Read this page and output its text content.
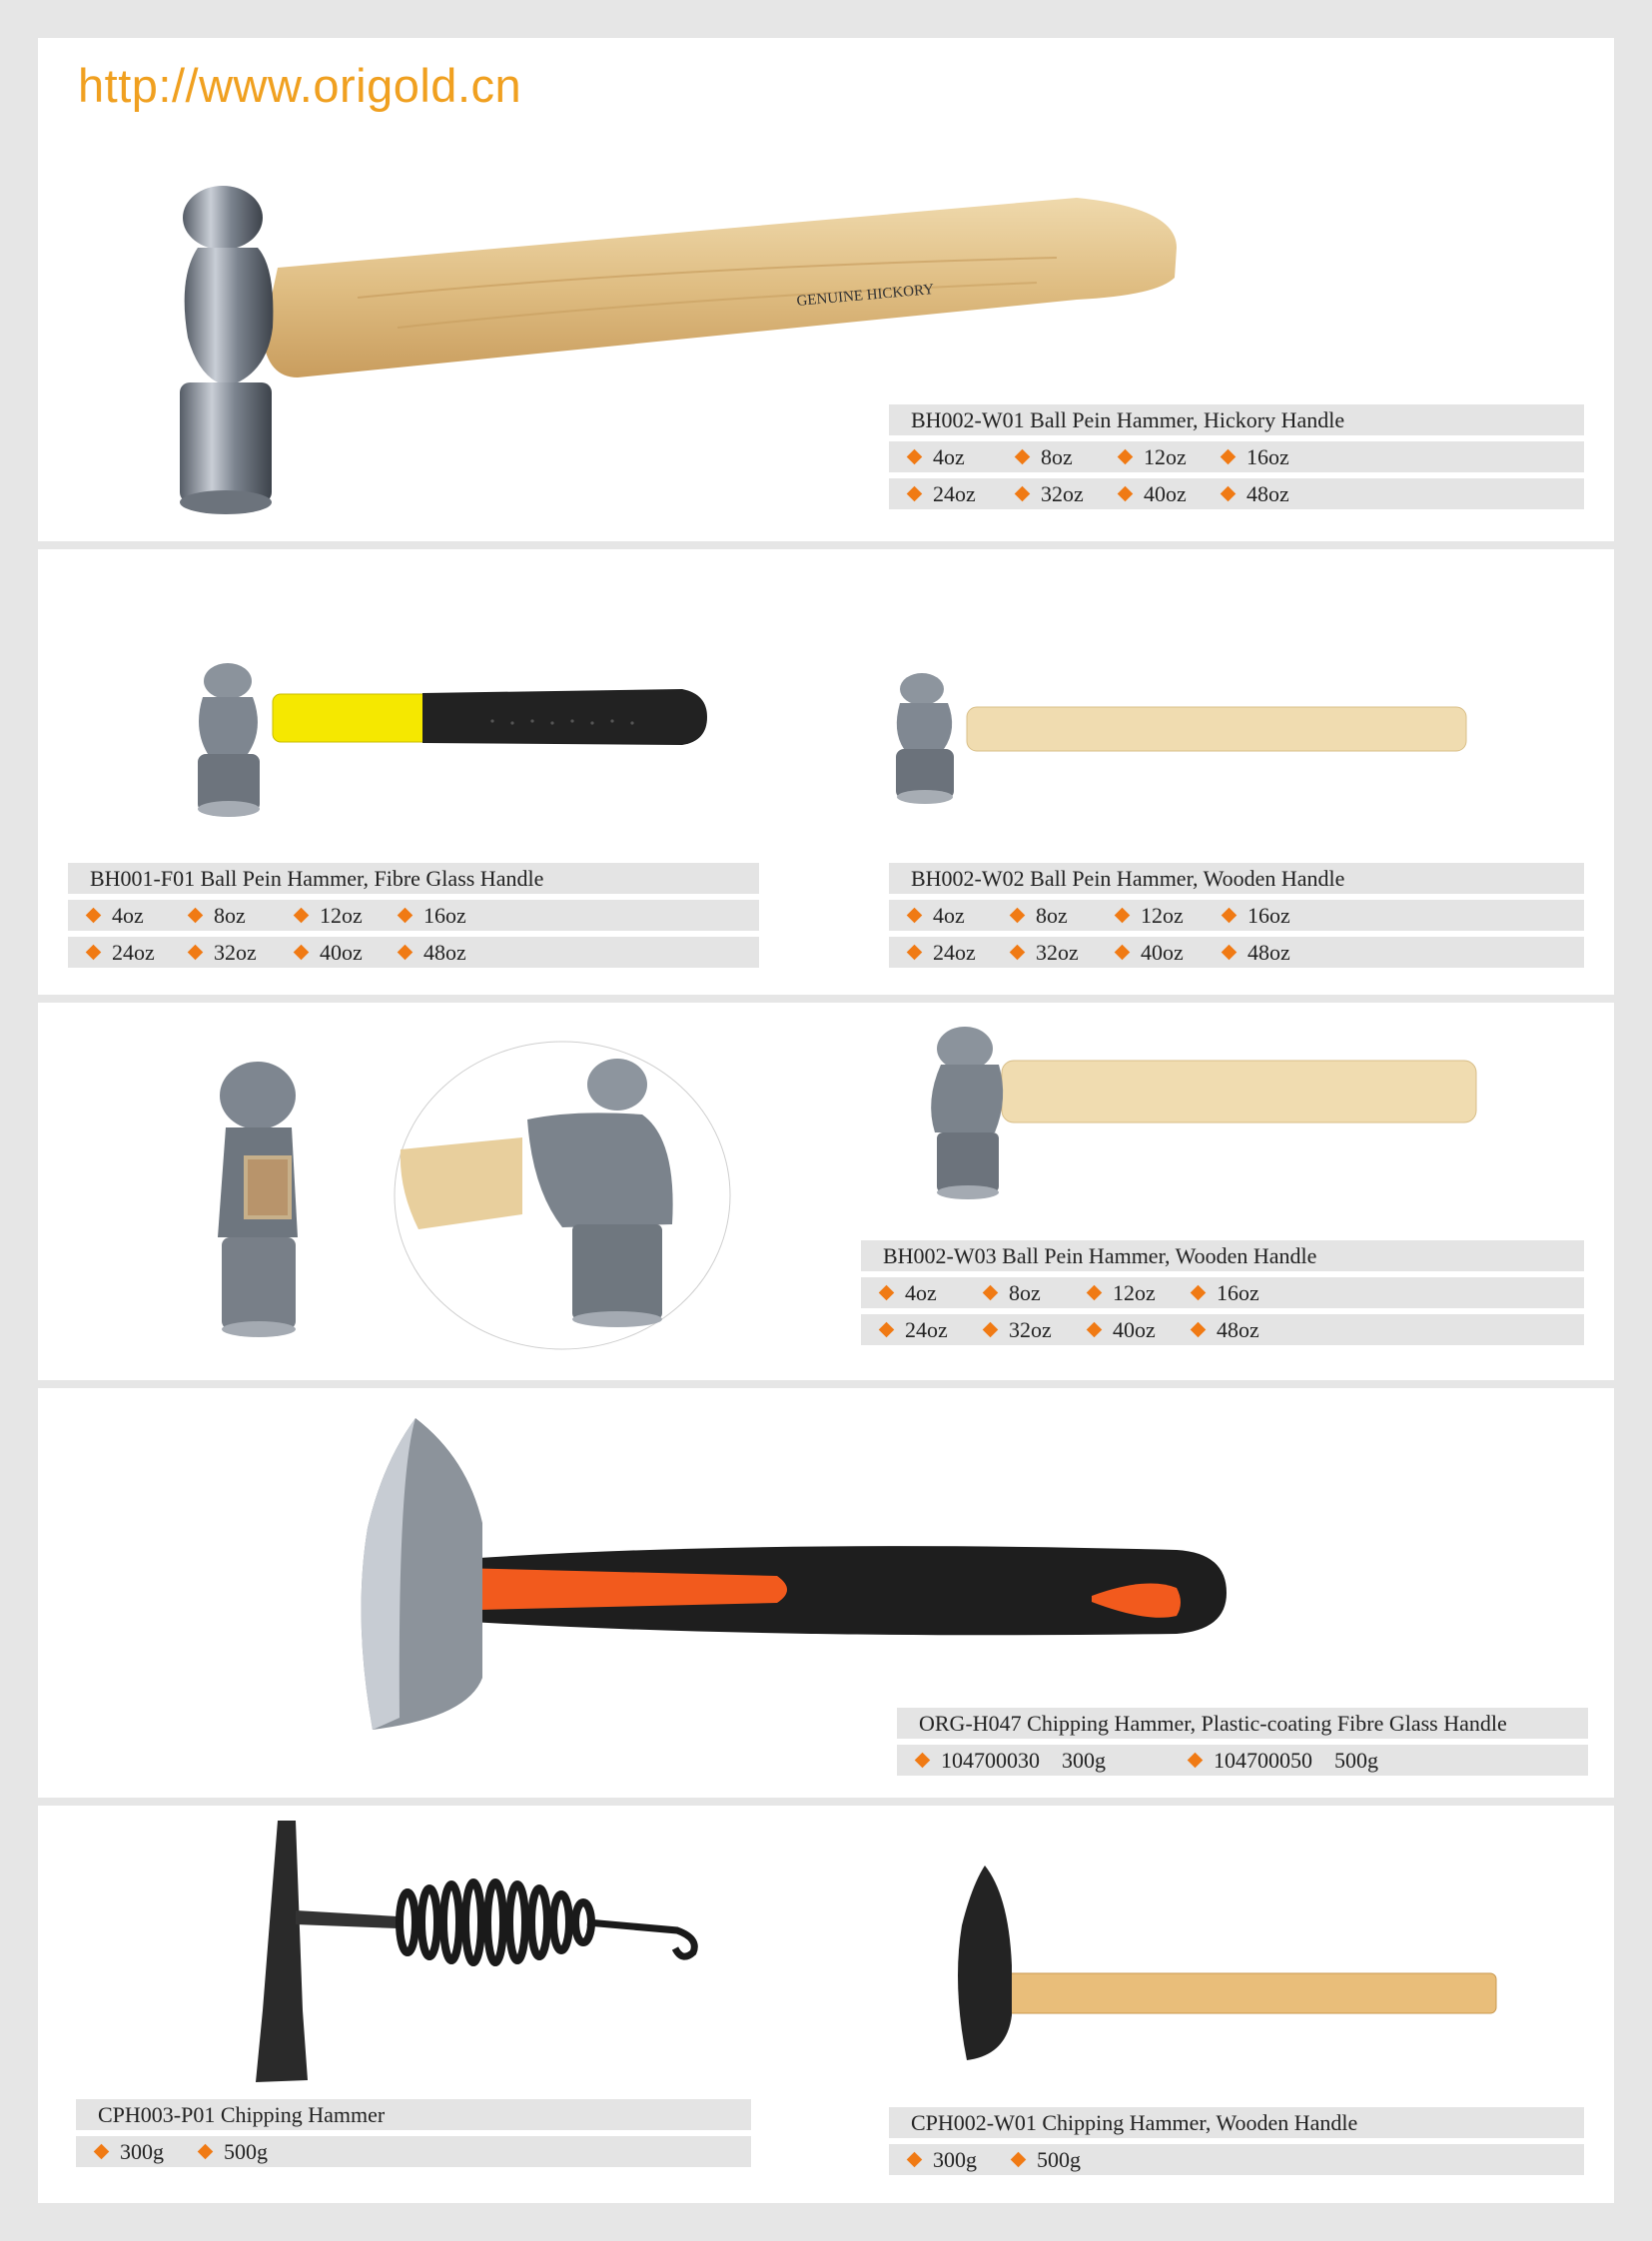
http://www.origold.cn
GENUINE HICKORY
BH002-W01 Ball Pein Hammer, Hickory Handle
4oz	8oz	12oz	16oz
24oz	32oz	40oz	48oz
BH001-F01 Ball Pein Hammer, Fibre Glass Handle
4oz	8oz	12oz	16oz
24oz	32oz	40oz	48oz
BH002-W02 Ball Pein Hammer, Wooden Handle
4oz	8oz	12oz	16oz
24oz	32oz	40oz	48oz
BH002-W03 Ball Pein Hammer, Wooden Handle
4oz	8oz	12oz	16oz
24oz	32oz	40oz	48oz
ORG-H047 Chipping Hammer, Plastic-coating Fibre Glass Handle
104700030    300g	104700050    500g
CPH003-P01 Chipping Hammer
300g	500g
CPH002-W01 Chipping Hammer, Wooden Handle
300g	500g
